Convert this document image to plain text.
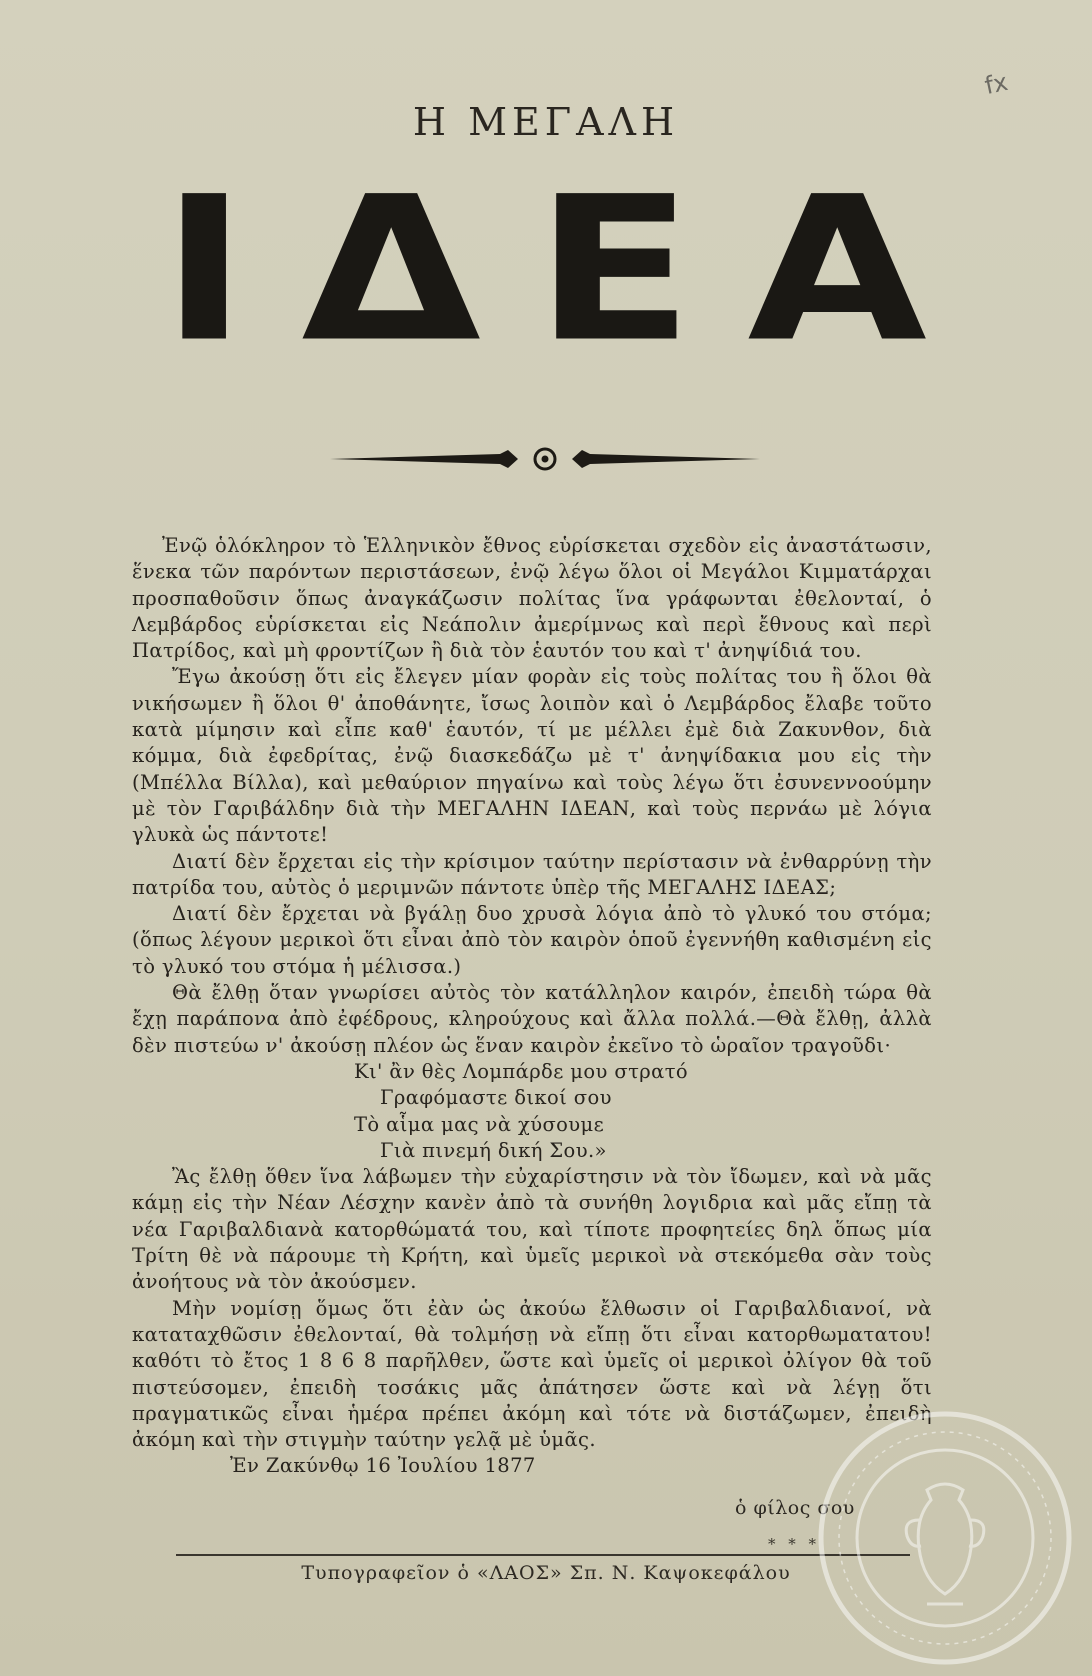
fx
Η ΜΕΓΑΛΗ
ΙΔΕΑ

Ἐνῷ ὁλόκληρον τὸ Ἑλληνικὸν ἔθνος εὑρίσκεται σχεδὸν εἰς ἀναστάτωσιν, ἕνεκα τῶν παρόντων περιστάσεων, ἐνῷ λέγω ὅλοι οἱ Μεγάλοι Κιμματάρχαι προσπαθοῦσιν ὅπως ἀναγκάζωσιν πολίτας ἵνα γράφωνται ἐθελονταί, ὁ Λεμβάρδος εὑρίσκεται εἰς Νεάπολιν ἀμερίμνως καὶ περὶ ἔθνους καὶ περὶ Πατρίδος, καὶ μὴ φροντίζων ἢ διὰ τὸν ἑαυτόν του καὶ τ' ἀνηψίδιά του.

Ἔγω ἀκούσῃ ὅτι εἰς ἔλεγεν μίαν φορὰν εἰς τοὺς πολίτας του ἢ ὅλοι θὰ νικήσωμεν ἢ ὅλοι θ' ἀποθάνητε, ἴσως λοιπὸν καὶ ὁ Λεμβάρδος ἔλαβε τοῦτο κατὰ μίμησιν καὶ εἶπε καθ' ἑαυτόν, τί με μέλλει ἐμὲ διὰ Ζακυνθον, διὰ κόμμα, διὰ ἐφεδρίτας, ἐνῷ διασκεδάζω μὲ τ' ἀνηψίδακια μου εἰς τὴν (Μπέλλα Βίλλα), καὶ μεθαύριον πηγαίνω καὶ τοὺς λέγω ὅτι ἐσυνεννοούμην μὲ τὸν Γαριβάλδην διὰ τὴν ΜΕΓΑΛΗΝ ΙΔΕΑΝ, καὶ τοὺς περνάω μὲ λόγια γλυκὰ ὡς πάντοτε!

Διατί δὲν ἔρχεται εἰς τὴν κρίσιμον ταύτην περίστασιν νὰ ἐνθαρρύνῃ τὴν πατρίδα του, αὐτὸς ὁ μεριμνῶν πάντοτε ὑπὲρ τῆς ΜΕΓΑΛΗΣ ΙΔΕΑΣ;

Διατί δὲν ἔρχεται νὰ βγάλῃ δυο χρυσὰ λόγια ἀπὸ τὸ γλυκό του στόμα; (ὅπως λέγουν μερικοὶ ὅτι εἶναι ἀπὸ τὸν καιρὸν ὁποῦ ἐγεννήθη καθισμένη εἰς τὸ γλυκό του στόμα ἡ μέλισσα.)

Θὰ ἔλθῃ ὅταν γνωρίσει αὐτὸς τὸν κατάλληλον καιρόν, ἐπειδὴ τώρα θὰ ἔχῃ παράπονα ἀπὸ ἐφέδρους, κληρούχους καὶ ἄλλα πολλά.—Θὰ ἔλθῃ, ἀλλὰ δὲν πιστεύω ν' ἀκούσῃ πλέον ὡς ἕναν καιρὸν ἐκεῖνο τὸ ὡραῖον τραγοῦδι·

Κι' ἂν θὲς Λομπάρδε μου στρατό
Γραφόμαστε δικοί σου
Τὸ αἷμα μας νὰ χύσουμε
Γιὰ πινεμή δική Σου.»

Ἂς ἔλθῃ ὅθεν ἵνα λάβωμεν τὴν εὐχαρίστησιν νὰ τὸν ἴδωμεν, καὶ νὰ μᾶς κάμῃ εἰς τὴν Νέαν Λέσχην κανὲν ἀπὸ τὰ συνήθη λογιδρια καὶ μᾶς εἴπῃ τὰ νέα Γαριβαλδιανὰ κατορθώματά του, καὶ τίποτε προφητείες δηλ ὅπως μία Τρίτη θὲ νὰ πάρουμε τὴ Κρήτη, καὶ ὑμεῖς μερικοὶ νὰ στεκόμεθα σὰν τοὺς ἀνοήτους νὰ τὸν ἀκούσμεν.

Μὴν νομίσῃ ὅμως ὅτι ἐὰν ὡς ἀκούω ἔλθωσιν οἱ Γαριβαλδιανοί, νὰ καταταχθῶσιν ἐθελονταί, θὰ τολμήσῃ νὰ εἴπῃ ὅτι εἶναι κατορθωματατου! καθότι τὸ ἔτος 1 8 6 8 παρῆλθεν, ὥστε καὶ ὑμεῖς οἱ μερικοὶ ὀλίγον θὰ τοῦ πιστεύσομεν, ἐπειδὴ τοσάκις μᾶς ἀπάτησεν ὥστε καὶ νὰ λέγῃ ὅτι πραγματικῶς εἶναι ἡμέρα πρέπει ἀκόμη καὶ τότε νὰ διστάζωμεν, ἐπειδὴ ἀκόμη καὶ τὴν στιγμὴν ταύτην γελᾷ μὲ ὑμᾶς.

Ἐν Ζακύνθῳ 16 Ἰουλίου 1877

ὁ φίλος σου
* * *
Τυπογραφεῖον ὁ «ΛΑΟΣ» Σπ. Ν. Καψοκεφάλου
